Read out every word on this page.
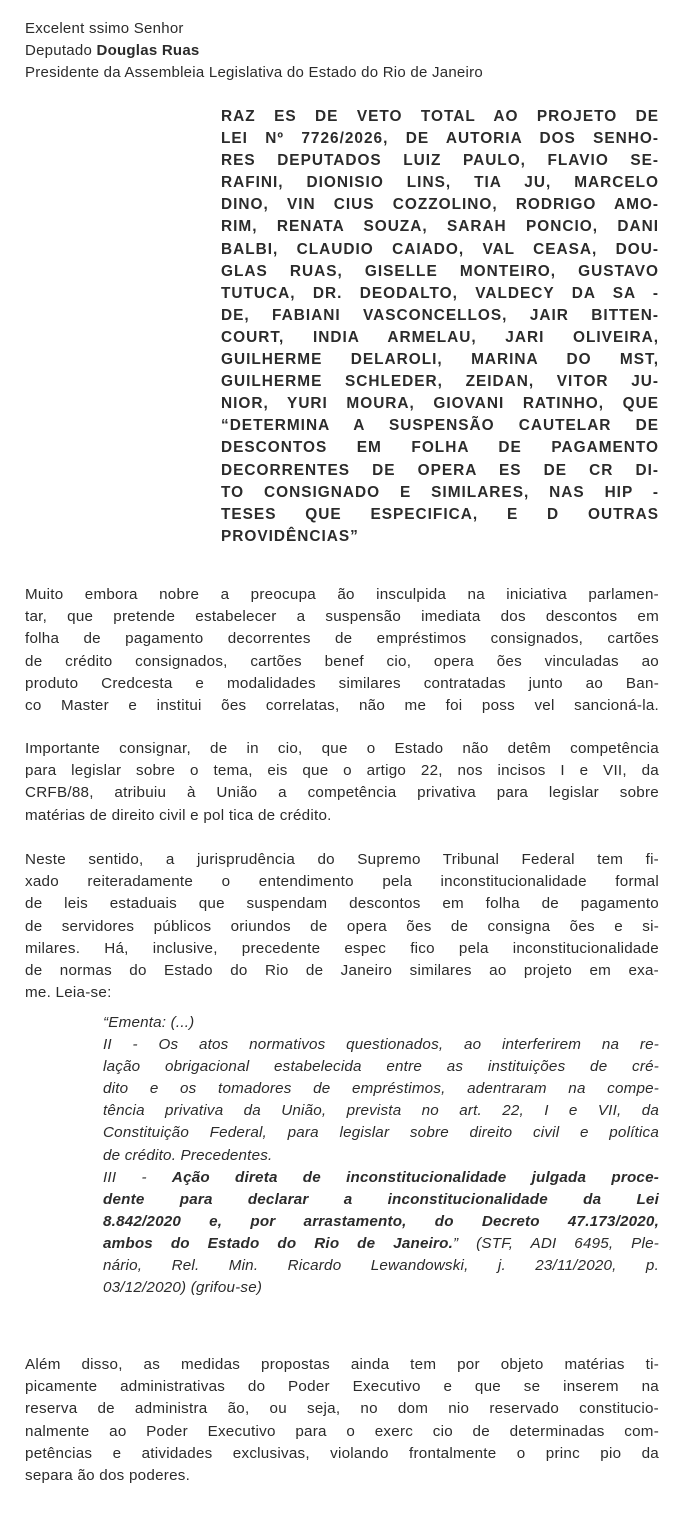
Excelent ssimo Senhor
Deputado Douglas Ruas
Presidente da Assembleia Legislativa do Estado do Rio de Janeiro
RAZ ES DE VETO TOTAL AO PROJETO DE
LEI Nº 7726/2026, DE AUTORIA DOS SENHO-
RES DEPUTADOS LUIZ PAULO, FLAVIO SE-
RAFINI, DIONISIO LINS, TIA JU, MARCELO
DINO, VIN CIUS COZZOLINO, RODRIGO AMO-
RIM, RENATA SOUZA, SARAH PONCIO, DANI
BALBI, CLAUDIO CAIADO, VAL CEASA, DOU-
GLAS RUAS, GISELLE MONTEIRO, GUSTAVO
TUTUCA, DR. DEODALTO, VALDECY DA SA -
DE, FABIANI VASCONCELLOS, JAIR BITTEN-
COURT, INDIA ARMELAU, JARI OLIVEIRA,
GUILHERME DELAROLI, MARINA DO MST,
GUILHERME SCHLEDER, ZEIDAN, VITOR JU-
NIOR, YURI MOURA, GIOVANI RATINHO, QUE
“DETERMINA A SUSPENSÃO CAUTELAR DE
DESCONTOS EM FOLHA DE PAGAMENTO
DECORRENTES DE OPERA ES DE CR DI-
TO CONSIGNADO E SIMILARES, NAS HIP -
TESES QUE ESPECIFICA, E D OUTRAS
PROVIDÊNCIAS”
Muito embora nobre a preocupa ão insculpida na iniciativa parlamen-
tar, que pretende estabelecer a suspensão imediata dos descontos em
folha de pagamento decorrentes de empréstimos consignados, cartões
de crédito consignados, cartões benef cio, opera ões vinculadas ao
produto Credcesta e modalidades similares contratadas junto ao Ban-
co Master e institui ões correlatas, não me foi poss vel sancioná-la.
Importante consignar, de in cio, que o Estado não detêm competência
para legislar sobre o tema, eis que o artigo 22, nos incisos I e VII, da
CRFB/88, atribuiu à União a competência privativa para legislar sobre
matérias de direito civil e pol tica de crédito.
Neste sentido, a jurisprudência do Supremo Tribunal Federal tem fi-
xado reiteradamente o entendimento pela inconstitucionalidade formal
de leis estaduais que suspendam descontos em folha de pagamento
de servidores públicos oriundos de opera ões de consigna ões e si-
milares. Há, inclusive, precedente espec fico pela inconstitucionalidade
de normas do Estado do Rio de Janeiro similares ao projeto em exa-
me. Leia-se:
“Ementa: (...)
II - Os atos normativos questionados, ao interferirem na re-
lação obrigacional estabelecida entre as instituições de cré-
dito e os tomadores de empréstimos, adentraram na compe-
tência privativa da União, prevista no art. 22, I e VII, da
Constituição Federal, para legislar sobre direito civil e política
de crédito. Precedentes.
III - Ação direta de inconstitucionalidade julgada proce-
dente para declarar a inconstitucionalidade da Lei
8.842/2020 e, por arrastamento, do Decreto 47.173/2020,
ambos do Estado do Rio de Janeiro.” (STF, ADI 6495, Ple-
nário, Rel. Min. Ricardo Lewandowski, j. 23/11/2020, p.
03/12/2020) (grifou-se)
Além disso, as medidas propostas ainda tem por objeto matérias ti-
picamente administrativas do Poder Executivo e que se inserem na
reserva de administra ão, ou seja, no dom nio reservado constitucio-
nalmente ao Poder Executivo para o exerc cio de determinadas com-
petências e atividades exclusivas, violando frontalmente o princ pio da
separa ão dos poderes.
